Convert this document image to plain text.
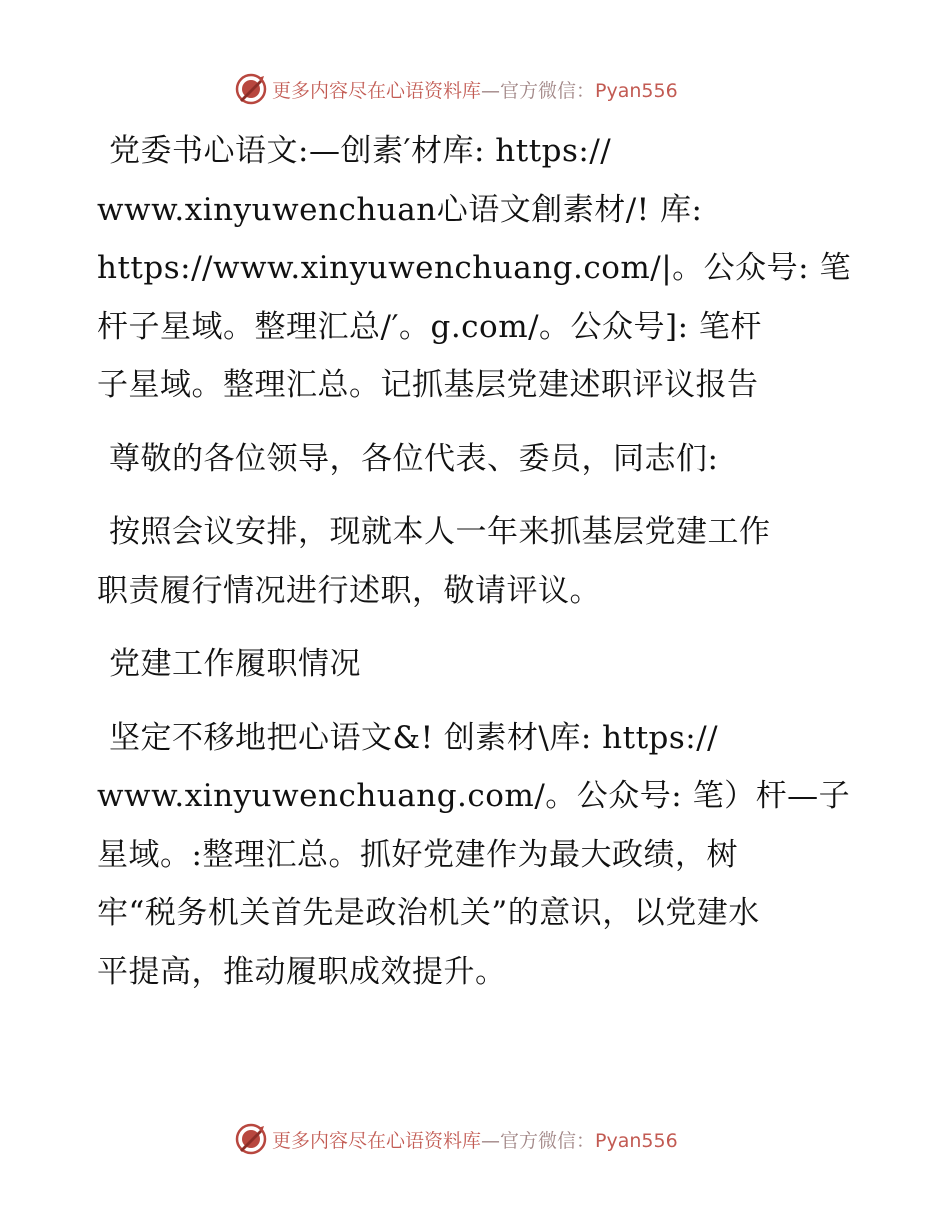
更多内容尽在心语资料库—官方微信：Pyan556
党委书心语文:—创素′材库: https://
www.xinyuwenchuan心语文創素材/! 库:
https://www.xinyuwenchuang.com/|。公众号: 笔
杆子星域。整理汇总/′。g.com/。公众号]: 笔杆
子星域。整理汇总。记抓基层党建述职评议报告
尊敬的各位领导，各位代表、委员，同志们:
按照会议安排，现就本人一年来抓基层党建工作
职责履行情况进行述职，敬请评议。
党建工作履职情况
坚定不移地把心语文&! 创素材\库: https://
www.xinyuwenchuang.com/。公众号: 笔）杆—子
星域。:整理汇总。抓好党建作为最大政绩，树
牢“税务机关首先是政治机关”的意识，以党建水
平提高，推动履职成效提升。
更多内容尽在心语资料库—官方微信：Pyan556
